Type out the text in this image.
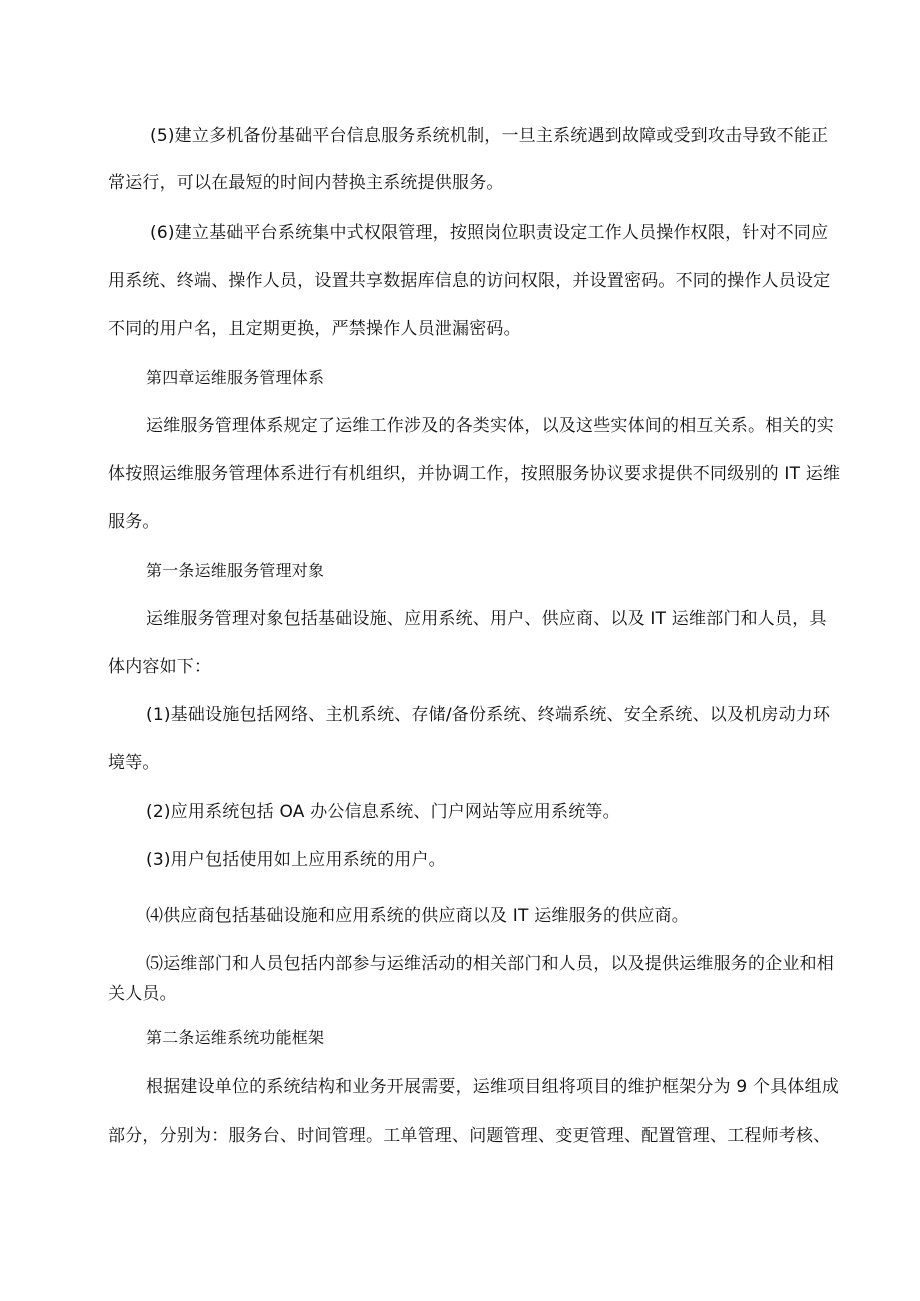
(5)建立多机备份基础平台信息服务系统机制，一旦主系统遇到故障或受到攻击导致不能正
常运行，可以在最短的时间内替换主系统提供服务。
(6)建立基础平台系统集中式权限管理，按照岗位职责设定工作人员操作权限，针对不同应
用系统、终端、操作人员，设置共享数据库信息的访问权限，并设置密码。不同的操作人员设定
不同的用户名，且定期更换，严禁操作人员泄漏密码。
第四章运维服务管理体系
运维服务管理体系规定了运维工作涉及的各类实体，以及这些实体间的相互关系。相关的实
体按照运维服务管理体系进行有机组织，并协调工作，按照服务协议要求提供不同级别的 IT 运维
服务。
第一条运维服务管理对象
运维服务管理对象包括基础设施、应用系统、用户、供应商、以及 IT 运维部门和人员，具
体内容如下：
(1)基础设施包括网络、主机系统、存储/备份系统、终端系统、安全系统、以及机房动力环
境等。
(2)应用系统包括 OA 办公信息系统、门户网站等应用系统等。
(3)用户包括使用如上应用系统的用户。
⑷供应商包括基础设施和应用系统的供应商以及 IT 运维服务的供应商。
⑸运维部门和人员包括内部参与运维活动的相关部门和人员，以及提供运维服务的企业和相
关人员。
第二条运维系统功能框架
根据建设单位的系统结构和业务开展需要，运维项目组将项目的维护框架分为 9 个具体组成
部分，分别为：服务台、时间管理。工单管理、问题管理、变更管理、配置管理、工程师考核、
